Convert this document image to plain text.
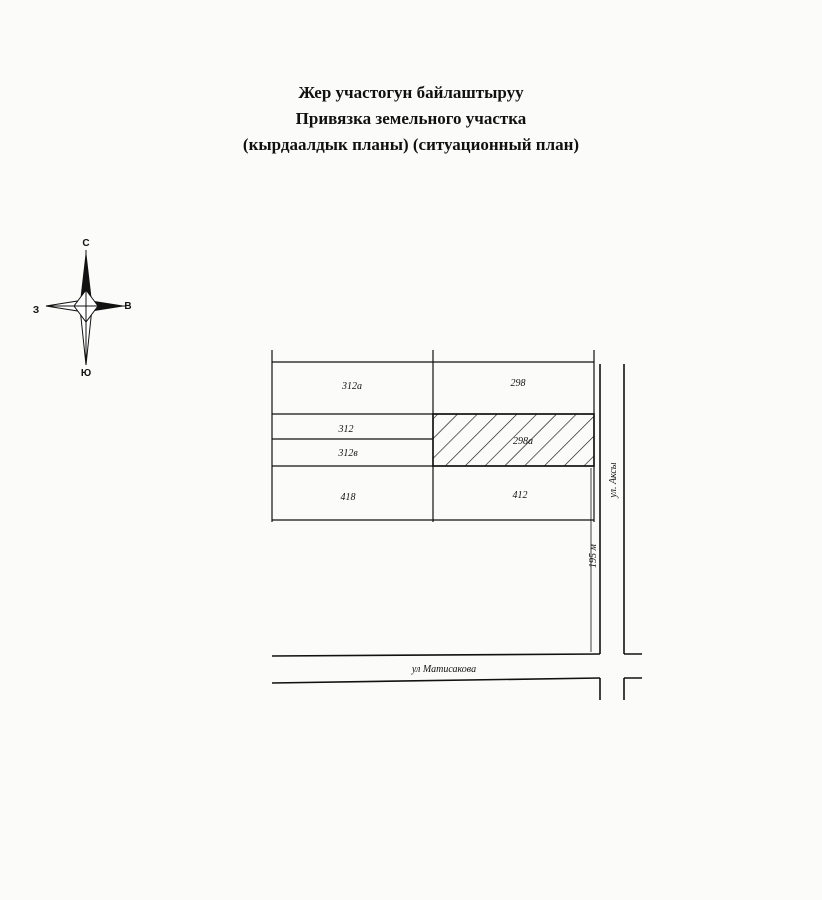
Жер участогун байлаштыруу
Привязка земельного участка
(кырдаалдык планы) (ситуационный план)
С
Ю
З	В
312а	298
312
312в
298а
418	412
195 м
ул. Аксы
ул Матисакова
